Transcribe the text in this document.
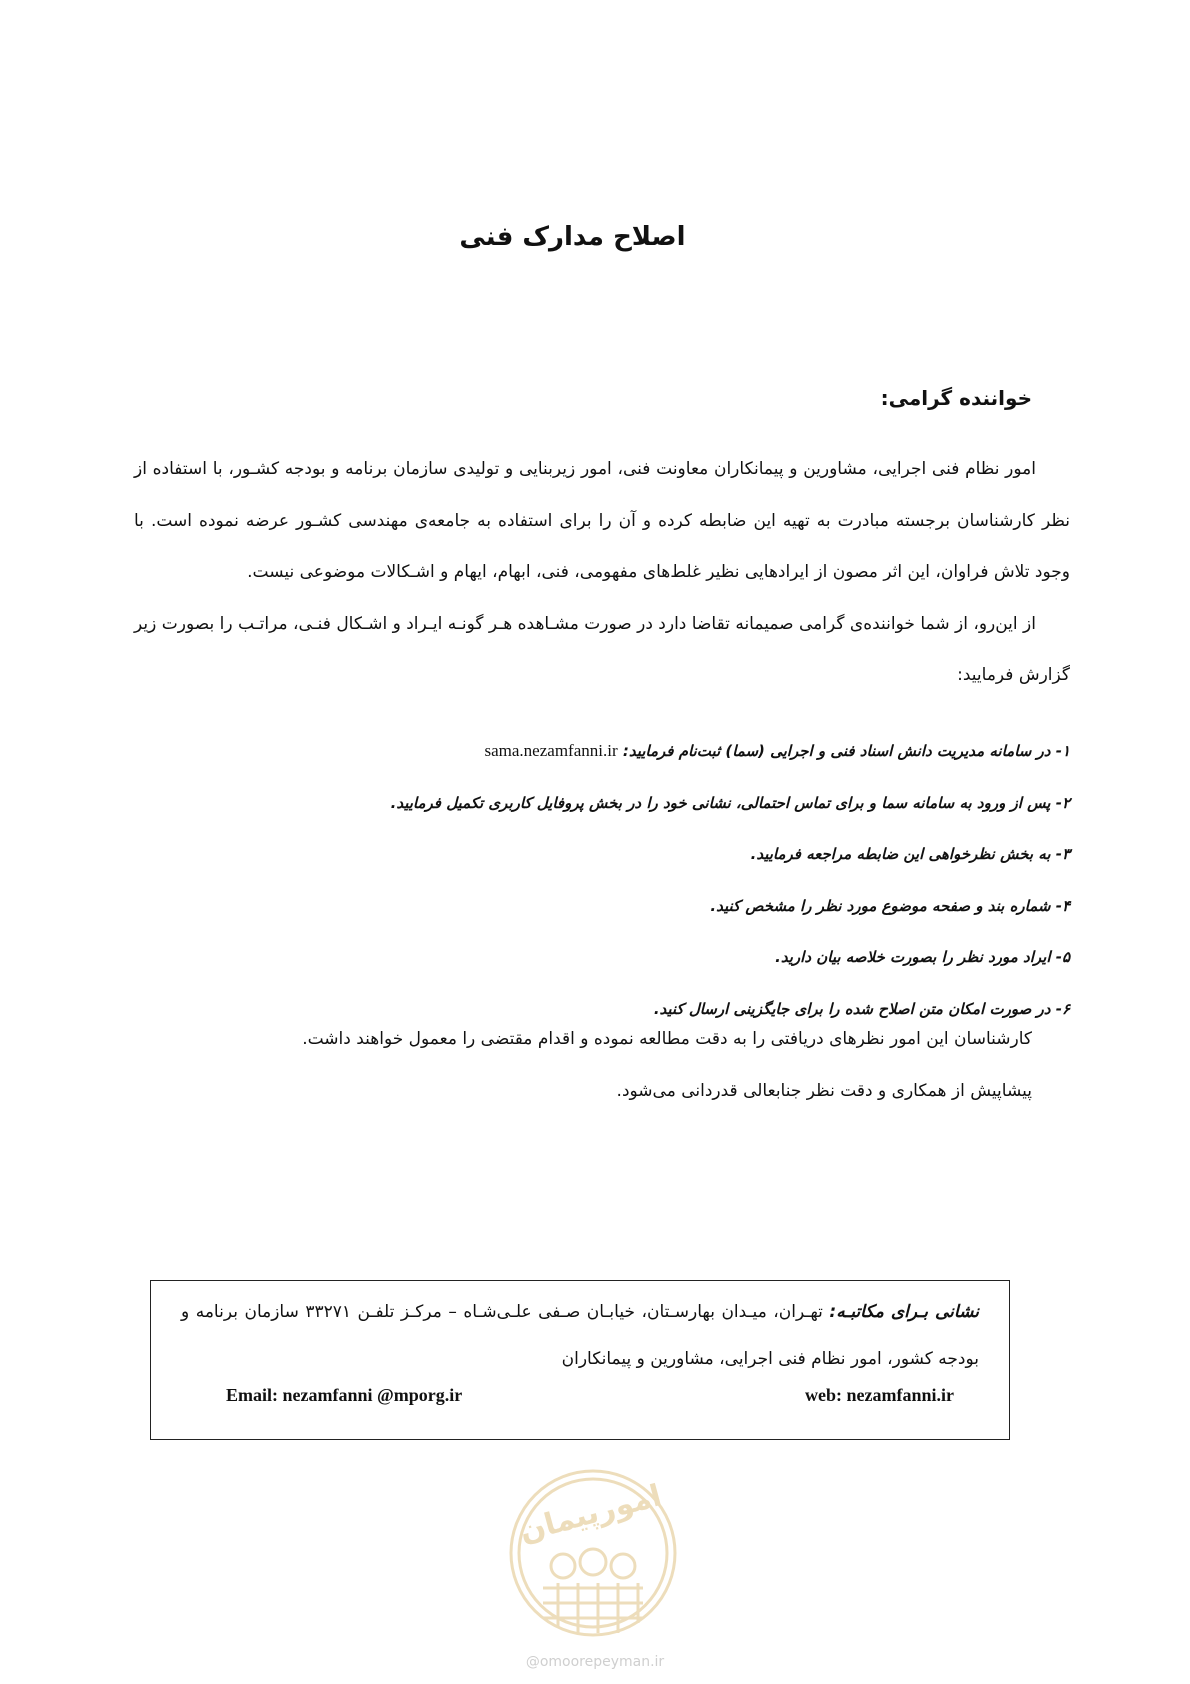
اصلاح مدارک فنی
خواننده گرامی:

امور نظام فنی اجرایی، مشاورین و پیمانکاران معاونت فنی، امور زیربنایی و تولیدی سازمان برنامه و بودجه کشـور، با استفاده از نظر کارشناسان برجسته مبادرت به تهیه این ضابطه کرده و آن را برای استفاده به جامعه‌ی مهندسی کشـور عرضه نموده است. با وجود تلاش فراوان، این اثر مصون از ایرادهایی نظیر غلط‌های مفهومی، فنی، ابهام، ایهام و اشـکالات موضوعی نیست.

از این‌رو، از شما خواننده‌ی گرامی صمیمانه تقاضا دارد در صورت مشـاهده هـر گونـه ایـراد و اشـکال فنـی، مراتـب را بصورت زیر گزارش فرمایید:

۱- در سامانه مدیریت دانش اسناد فنی و اجرایی (سما) ثبت‌نام فرمایید: sama.nezamfanni.ir
۲- پس از ورود به سامانه سما و برای تماس احتمالی، نشانی خود را در بخش پروفایل کاربری تکمیل فرمایید.
۳- به بخش نظرخواهی این ضابطه مراجعه فرمایید.
۴- شماره بند و صفحه موضوع مورد نظر را مشخص کنید.
۵- ایراد مورد نظر را بصورت خلاصه بیان دارید.
۶- در صورت امکان متن اصلاح شده را برای جایگزینی ارسال کنید.

کارشناسان این امور نظرهای دریافتی را به دقت مطالعه نموده و اقدام مقتضی را معمول خواهند داشت.

پیشاپیش از همکاری و دقت نظر جنابعالی قدردانی می‌شود.

نشانی بـرای مکاتبـه: تهـران، میـدان بهارسـتان، خیابـان صـفی علـی‌شـاه – مرکـز تلفـن ۳۳۲۷۱ سازمان برنامه و بودجه کشور، امور نظام فنی اجرایی، مشاورین و پیمانکاران

Email: nezamfanni @mporg.ir	web: nezamfanni.ir
امورپیمان
@omoorepeyman.ir
